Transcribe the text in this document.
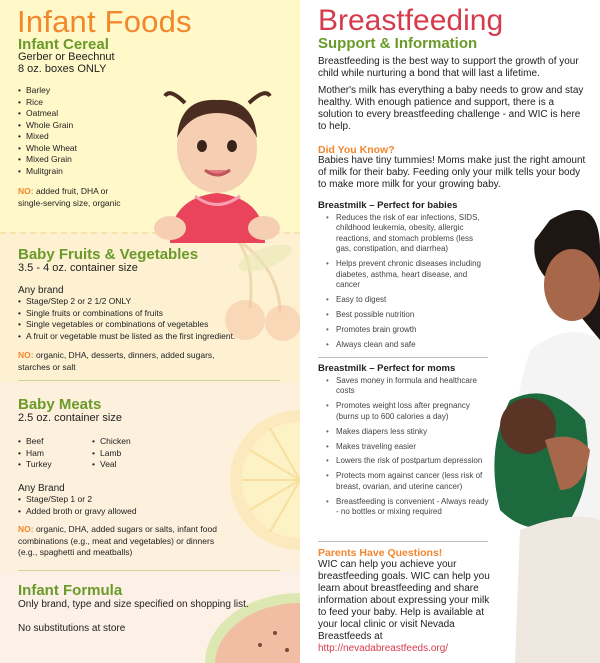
Infant Foods
Infant Cereal
Gerber or Beechnut
8 oz. boxes ONLY
• Barley
• Rice
• Oatmeal
• Whole Grain
• Mixed
• Whole Wheat
• Mixed Grain
• Mulitgrain
NO: added fruit, DHA or
single-serving size, organic
Baby Fruits & Vegetables
3.5 - 4 oz. container size
Any brand
• Stage/Step 2 or 2 1/2 ONLY
• Single fruits or combinations of fruits
• Single vegetables or combinations of vegetables
• A fruit or vegetable must be listed as the first ingredient.
NO: organic, DHA, desserts, dinners, added sugars,
starches or salt
Baby Meats
2.5 oz. container size
• Beef
• Ham
• Turkey
• Chicken
• Lamb
• Veal
Any Brand
• Stage/Step 1 or 2
• Added broth or gravy allowed
NO: organic, DHA, added sugars or salts, infant food
combinations (e.g., meat and vegetables) or dinners
(e.g., spaghetti and meatballs)
Infant Formula
Only brand, type and size specified on shopping list.
No substitutions at store
Breastfeeding
Support & Information
Breastfeeding is the best way to support the growth of your child while nurturing a bond that will last a lifetime.
Mother's milk has everything a baby needs to grow and stay healthy. With enough patience and support, there is a solution to every breastfeeding challenge - and WIC is here to help.
Did You Know?
Babies have tiny tummies! Moms make just the right amount of milk for their baby. Feeding only your milk tells your body to make more milk for your growing baby.
Breastmilk – Perfect for babies
• Reduces the risk of ear infections, SIDS, childhood leukemia, obesity, allergic reactions, and stomach problems (less gas, constipation, and diarrhea)
• Helps prevent chronic diseases including diabetes, asthma, heart disease, and cancer
• Easy to digest
• Best possible nutrition
• Promotes brain growth
• Always clean and safe
Breastmilk – Perfect for moms
• Saves money in formula and healthcare costs
• Promotes weight loss after pregnancy (burns up to 600 calories a day)
• Makes diapers less stinky
• Makes traveling easier
• Lowers the risk of postpartum depression
• Protects mom against cancer (less risk of breast, ovarian, and uterine cancer)
• Breastfeeding is convenient - Always ready - no bottles or mixing required
Parents Have Questions!
WIC can help you achieve your breastfeeding goals. WIC can help you learn about breastfeeding and share information about expressing your milk to feed your baby. Help is available at your local clinic or visit Nevada Breastfeeds at http://nevadabreastfeeds.org/
